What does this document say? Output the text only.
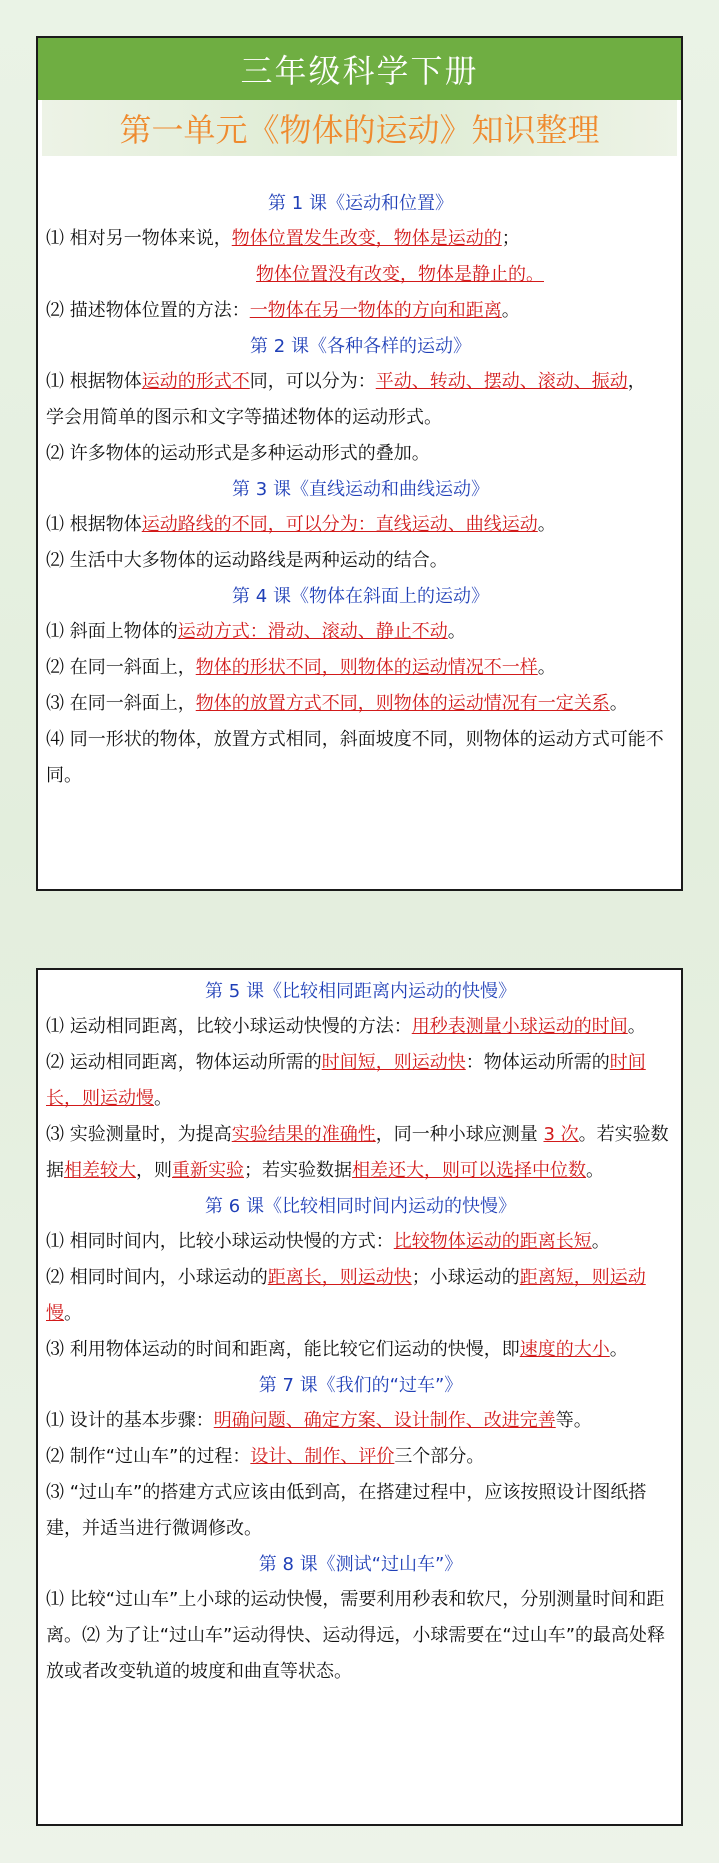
三年级科学下册
第一单元《物体的运动》知识整理
第 1 课《运动和位置》
⑴ 相对另一物体来说，物体位置发生改变，物体是运动的；
物体位置没有改变，物体是静止的。
⑵ 描述物体位置的方法：一物体在另一物体的方向和距离。
第 2 课《各种各样的运动》
⑴ 根据物体运动的形式不同，可以分为：平动、转动、摆动、滚动、振动，
学会用简单的图示和文字等描述物体的运动形式。
⑵ 许多物体的运动形式是多种运动形式的叠加。
第 3 课《直线运动和曲线运动》
⑴ 根据物体运动路线的不同，可以分为：直线运动、曲线运动。
⑵ 生活中大多物体的运动路线是两种运动的结合。
第 4 课《物体在斜面上的运动》
⑴ 斜面上物体的运动方式：滑动、滚动、静止不动。
⑵ 在同一斜面上，物体的形状不同，则物体的运动情况不一样。
⑶ 在同一斜面上，物体的放置方式不同，则物体的运动情况有一定关系。
⑷ 同一形状的物体，放置方式相同，斜面坡度不同，则物体的运动方式可能不同。
第 5 课《比较相同距离内运动的快慢》
⑴ 运动相同距离，比较小球运动快慢的方法：用秒表测量小球运动的时间。
⑵ 运动相同距离，物体运动所需的时间短，则运动快：物体运动所需的时间长，则运动慢。
⑶ 实验测量时，为提高实验结果的准确性，同一种小球应测量 3 次。若实验数据相差较大，则重新实验；若实验数据相差还大，则可以选择中位数。
第 6 课《比较相同时间内运动的快慢》
⑴ 相同时间内，比较小球运动快慢的方式：比较物体运动的距离长短。
⑵ 相同时间内，小球运动的距离长，则运动快；小球运动的距离短，则运动慢。
⑶ 利用物体运动的时间和距离，能比较它们运动的快慢，即速度的大小。
第 7 课《我们的“过车”》
⑴ 设计的基本步骤：明确问题、确定方案、设计制作、改进完善等。
⑵ 制作“过山车”的过程：设计、制作、评价三个部分。
⑶ “过山车”的搭建方式应该由低到高，在搭建过程中，应该按照设计图纸搭建，并适当进行微调修改。
第 8 课《测试“过山车”》
⑴ 比较“过山车”上小球的运动快慢，需要利用秒表和软尺，分别测量时间和距离。⑵ 为了让“过山车”运动得快、运动得远，小球需要在“过山车”的最高处释放或者改变轨道的坡度和曲直等状态。
